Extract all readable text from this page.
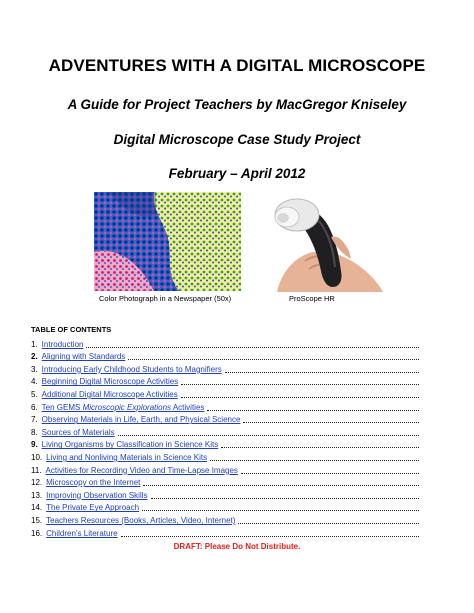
ADVENTURES WITH A DIGITAL MICROSCOPE
A Guide for Project Teachers by MacGregor Kniseley
Digital Microscope Case Study Project
February – April 2012
Color Photograph in a Newspaper (50x)	ProScope HR
TABLE OF CONTENTS
1. Introduction
2. Aligning with Standards
3. Introducing Early Childhood Students to Magnifiers
4. Beginning Digital Microscope Activities
5. Additional Digital Microscope Activities
6. Ten GEMS Microscopic Explorations Activities
7. Observing Materials in Life, Earth, and Physical Science
8. Sources of Materials
9. Living Organisms by Classification in Science Kits
10. Living and Nonliving Materials in Science Kits
11. Activities for Recording Video and Time-Lapse Images
12. Microscopy on the Internet
13. Improving Observation Skills
14. The Private Eye Approach
15. Teachers Resources (Books, Articles, Video, Internet)
16. Children’s Literature
DRAFT: Please Do Not Distribute.
